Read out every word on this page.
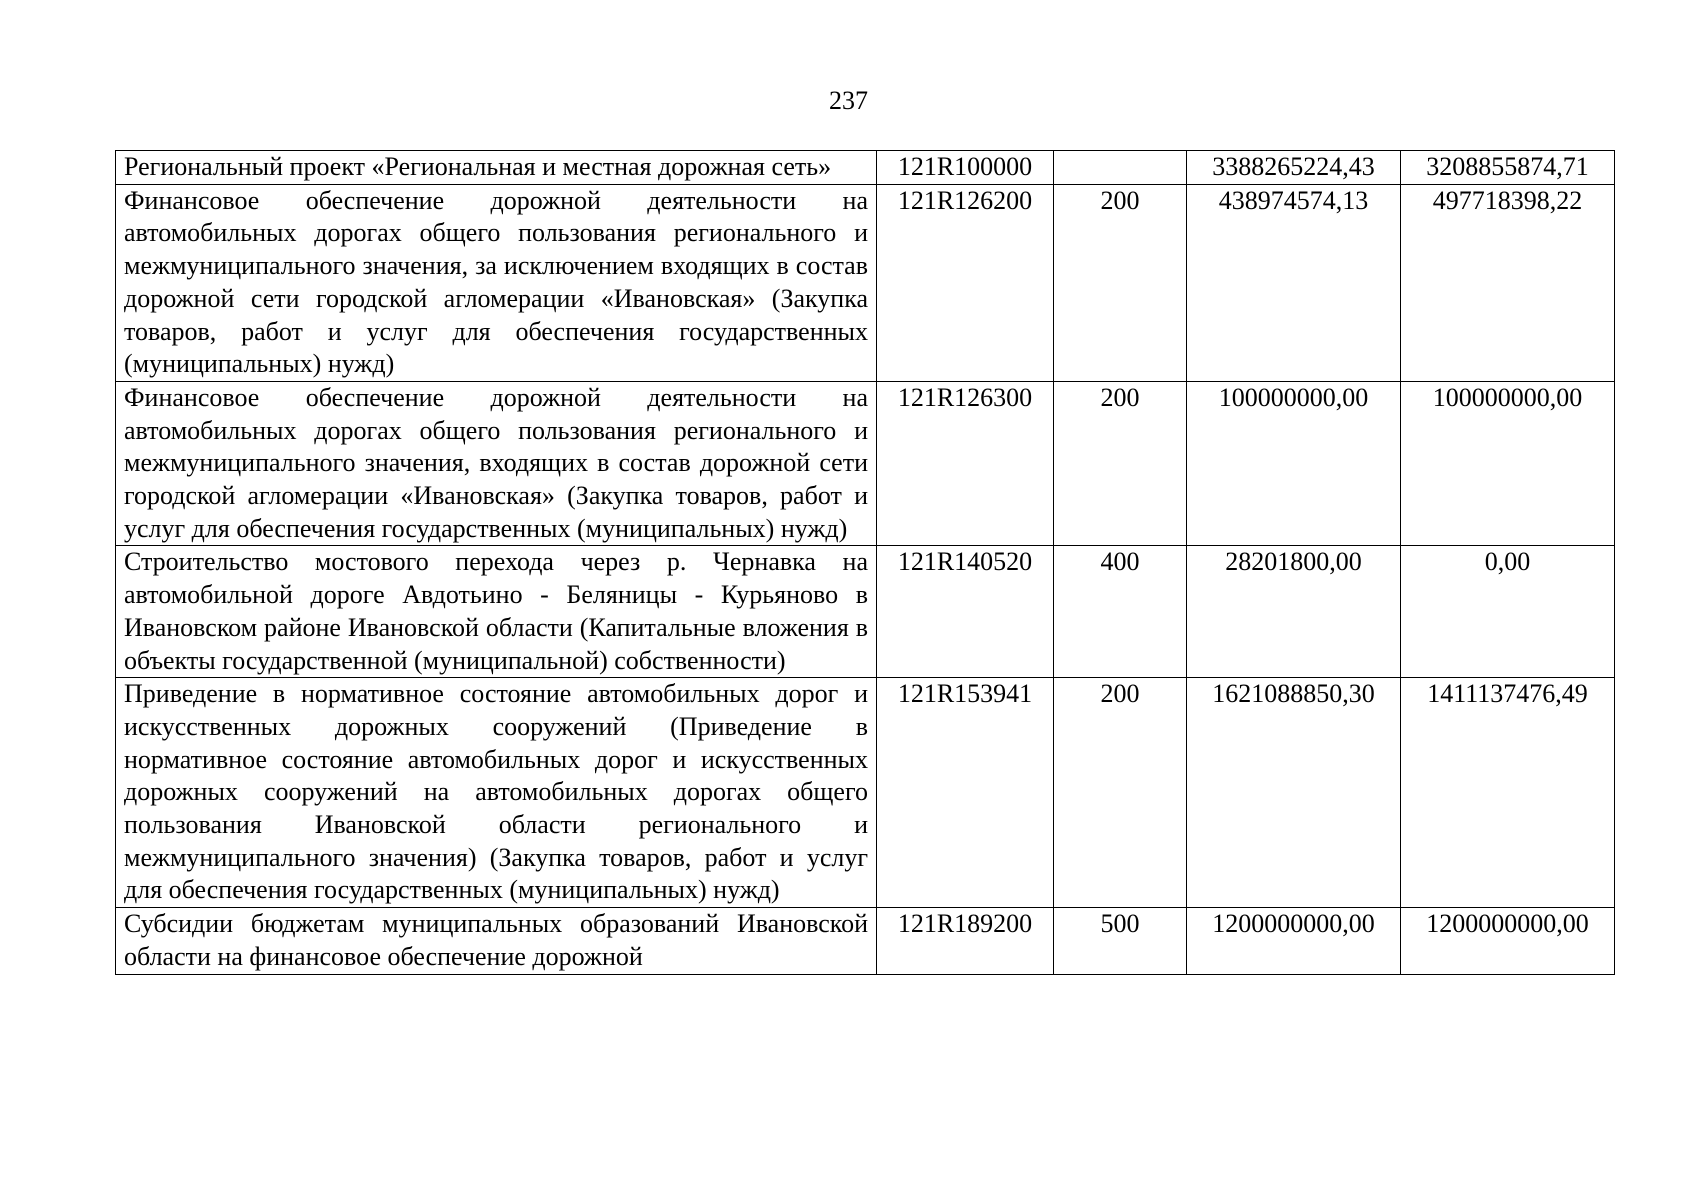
237
Региональный проект «Региональная и местная дорожная сеть»	121R100000		3388265224,43	3208855874,71
Финансовое обеспечение дорожной деятельности на автомобильных дорогах общего пользования регионального и межмуниципального значения, за исключением входящих в состав дорожной сети городской агломерации «Ивановская» (Закупка товаров, работ и услуг для обеспечения государственных (муниципальных) нужд)	121R126200	200	438974574,13	497718398,22
Финансовое обеспечение дорожной деятельности на автомобильных дорогах общего пользования регионального и межмуниципального значения, входящих в состав дорожной сети городской агломерации «Ивановская» (Закупка товаров, работ и услуг для обеспечения государственных (муниципальных) нужд)	121R126300	200	100000000,00	100000000,00
Строительство мостового перехода через р. Чернавка на автомобильной дороге Авдотьино - Беляницы - Курьяново в Ивановском районе Ивановской области (Капитальные вложения в объекты государственной (муниципальной) собственности)	121R140520	400	28201800,00	0,00
Приведение в нормативное состояние автомобильных дорог и искусственных дорожных сооружений (Приведение в нормативное состояние автомобильных дорог и искусственных дорожных сооружений на автомобильных дорогах общего пользования Ивановской области регионального и межмуниципального значения) (Закупка товаров, работ и услуг для обеспечения государственных (муниципальных) нужд)	121R153941	200	1621088850,30	1411137476,49
Субсидии бюджетам муниципальных образований Ивановской области на финансовое обеспечение дорожной	121R189200	500	1200000000,00	1200000000,00
